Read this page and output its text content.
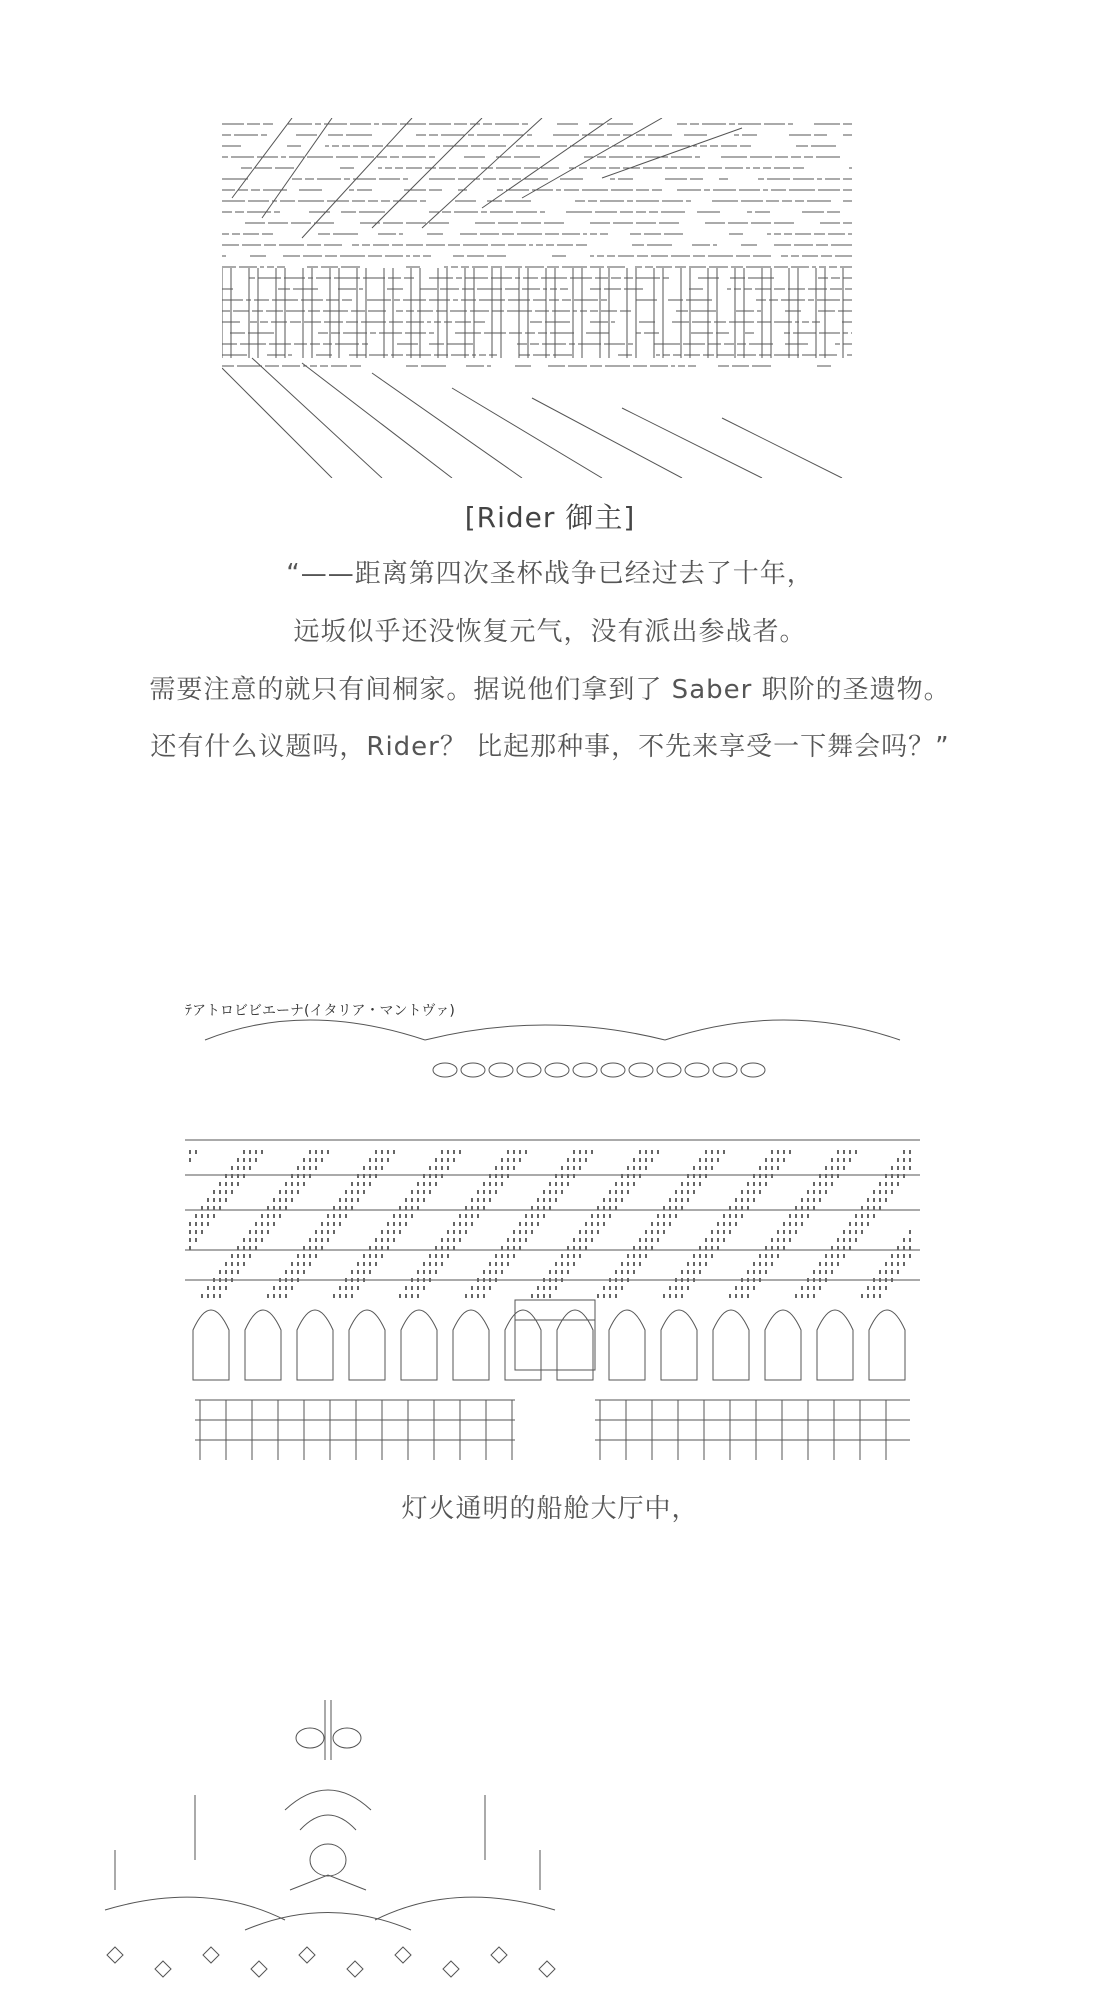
[Rider 御主]
“——距离第四次圣杯战争已经过去了十年，
远坂似乎还没恢复元气，没有派出参战者。
需要注意的就只有间桐家。据说他们拿到了 Saber 职阶的圣遗物。
还有什么议题吗，Rider？ 比起那种事，不先来享受一下舞会吗？”
ﾃアトロビビエーナ(イタリア・マントヴァ)
灯火通明的船舱大厅中，
